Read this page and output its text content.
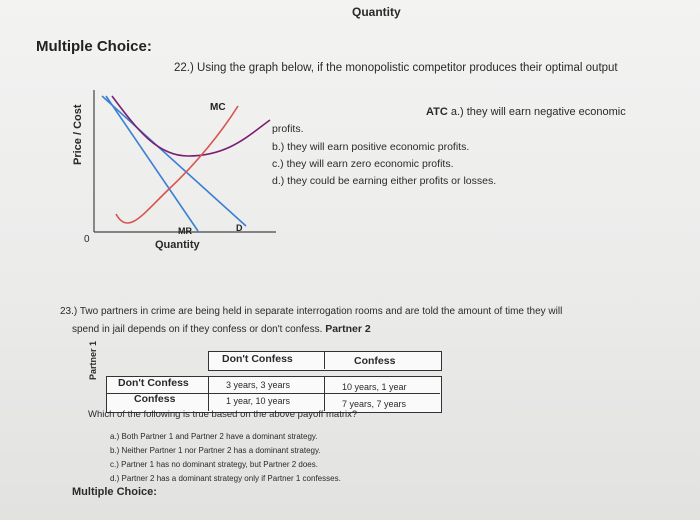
Quantity
Multiple Choice:
22.) Using the graph below, if the monopolistic competitor produces their optimal output
Price / Cost	MC
MR	D
0	Quantity
ATC a.) they will earn negative economic
profits.
b.) they will earn positive economic profits.
c.) they will earn zero economic profits.
d.) they could be earning either profits or losses.
23.) Two partners in crime are being held in separate interrogation rooms and are told the amount of time they will
spend in jail depends on if they confess or don't confess. Partner 2
Partner 1	Don't Confess	Confess
Don't Confess	3 years, 3 years	10 years, 1 year
Confess	1 year, 10 years	7 years, 7 years
Which of the following is true based on the above payoff matrix?
a.) Both Partner 1 and Partner 2 have a dominant strategy.
b.) Neither Partner 1 nor Partner 2 has a dominant strategy.
c.) Partner 1 has no dominant strategy, but Partner 2 does.
d.) Partner 2 has a dominant strategy only if Partner 1 confesses.
Multiple Choice:
